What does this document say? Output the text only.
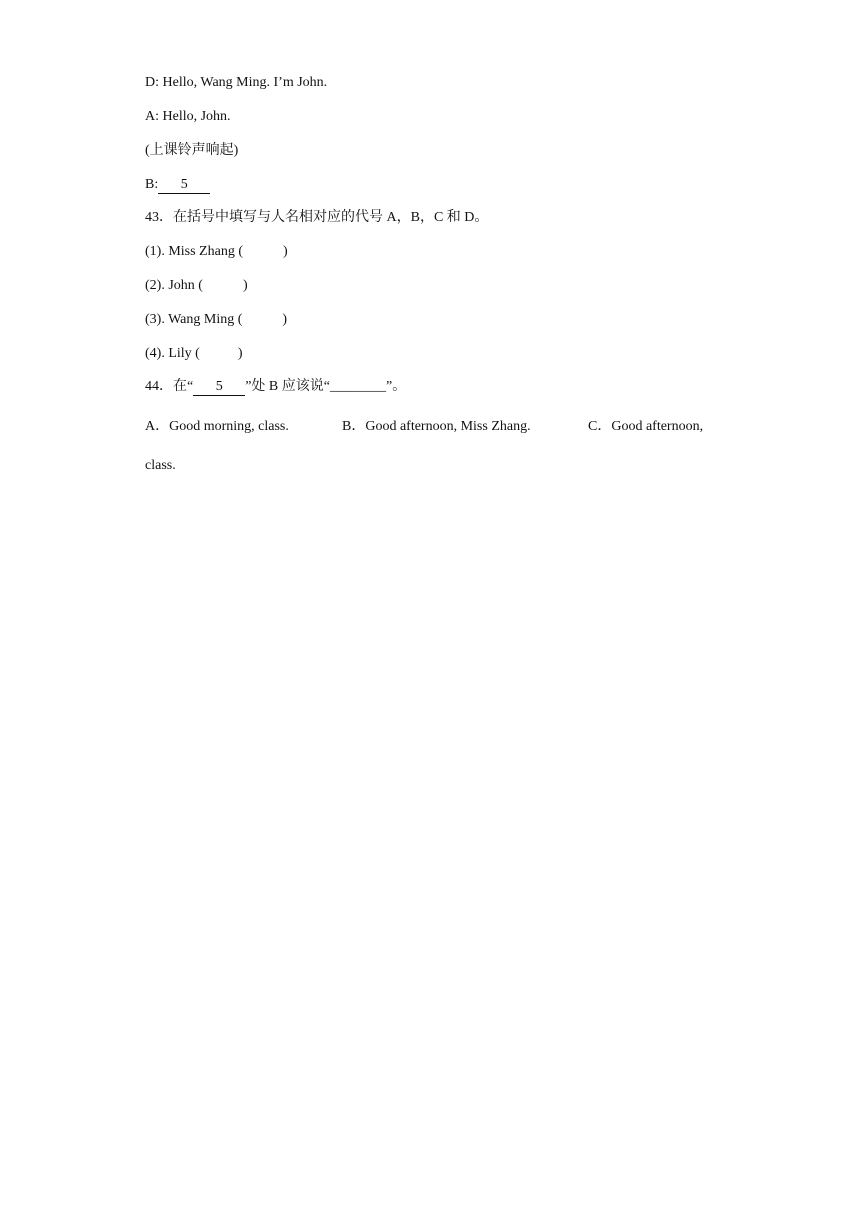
D: Hello, Wang Ming. I’m John.
A: Hello, John.
(上课铃声响起)
B: 5
43．在括号中填写与人名相对应的代号 A，B，C 和 D。
(1). Miss Zhang (	)
(2). John (	)
(3). Wang Ming (	)
(4). Lily (	)
44．在“ 5 ”处 B 应该说“________”。
A．Good morning, class.	B．Good afternoon, Miss Zhang.	C．Good afternoon,
class.
